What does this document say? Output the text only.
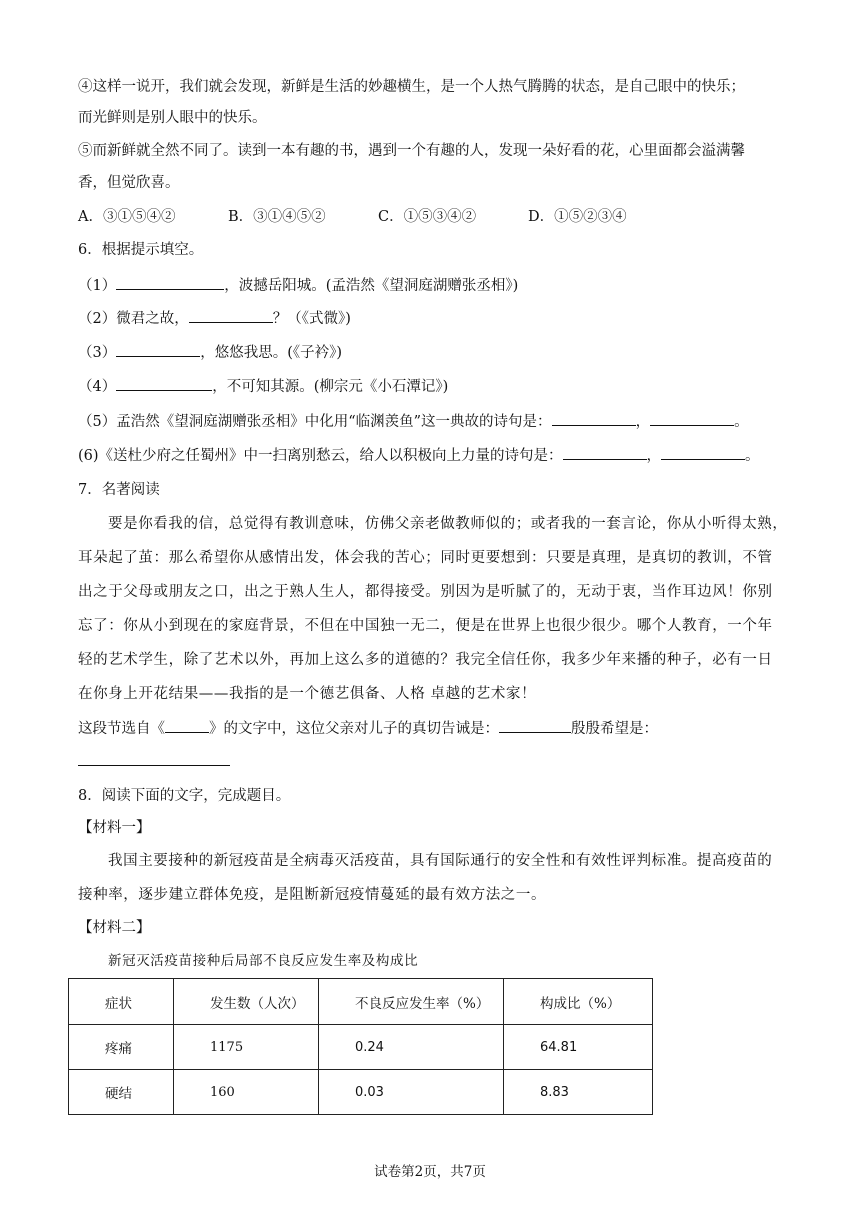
④这样一说开，我们就会发现，新鲜是生活的妙趣横生，是一个人热气腾腾的状态，是自己眼中的快乐；
而光鲜则是别人眼中的快乐。
⑤而新鲜就全然不同了。读到一本有趣的书，遇到一个有趣的人，发现一朵好看的花，心里面都会溢满馨
香，但觉欣喜。
A．③①⑤④②	B．③①④⑤②	C．①⑤③④②	D．①⑤②③④
6．根据提示填空。
（1）	，波撼岳阳城。(孟浩然《望洞庭湖赠张丞相》)
（2）微君之故，	？（《式微》)
（3）	，悠悠我思。(《子衿》)
（4）	，不可知其源。(柳宗元《小石潭记》)
（5）孟浩然《望洞庭湖赠张丞相》中化用“临渊羡鱼”这一典故的诗句是：	，	。
(6)《送杜少府之任蜀州》中一扫离别愁云，给人以积极向上力量的诗句是：	，	。
7．名著阅读
要是你看我的信，总觉得有教训意味，仿佛父亲老做教师似的；或者我的一套言论，你从小听得太熟，
耳朵起了茧：那么希望你从感情出发，体会我的苦心；同时更要想到：只要是真理，是真切的教训，不管
出之于父母或朋友之口，出之于熟人生人，都得接受。别因为是听腻了的，无动于衷，当作耳边风！你别
忘了：你从小到现在的家庭背景，不但在中国独一无二，便是在世界上也很少很少。哪个人教育，一个年
轻的艺术学生，除了艺术以外，再加上这么多的道德的？我完全信任你，我多少年来播的种子，必有一日
在你身上开花结果——我指的是一个德艺俱备、人格 卓越的艺术家！
这段节选自《	》的文字中，这位父亲对儿子的真切告诫是：	殷殷希望是：
8．阅读下面的文字，完成题目。
【材料一】
我国主要接种的新冠疫苗是全病毒灭活疫苗，具有国际通行的安全性和有效性评判标准。提高疫苗的
接种率，逐步建立群体免疫，是阻断新冠疫情蔓延的最有效方法之一。
【材料二】
新冠灭活疫苗接种后局部不良反应发生率及构成比
症状	发生数（人次）	不良反应发生率（%）	构成比（%）
疼痛	1175	0.24	64.81
硬结	160	0.03	8.83
试卷第2页，共7页
